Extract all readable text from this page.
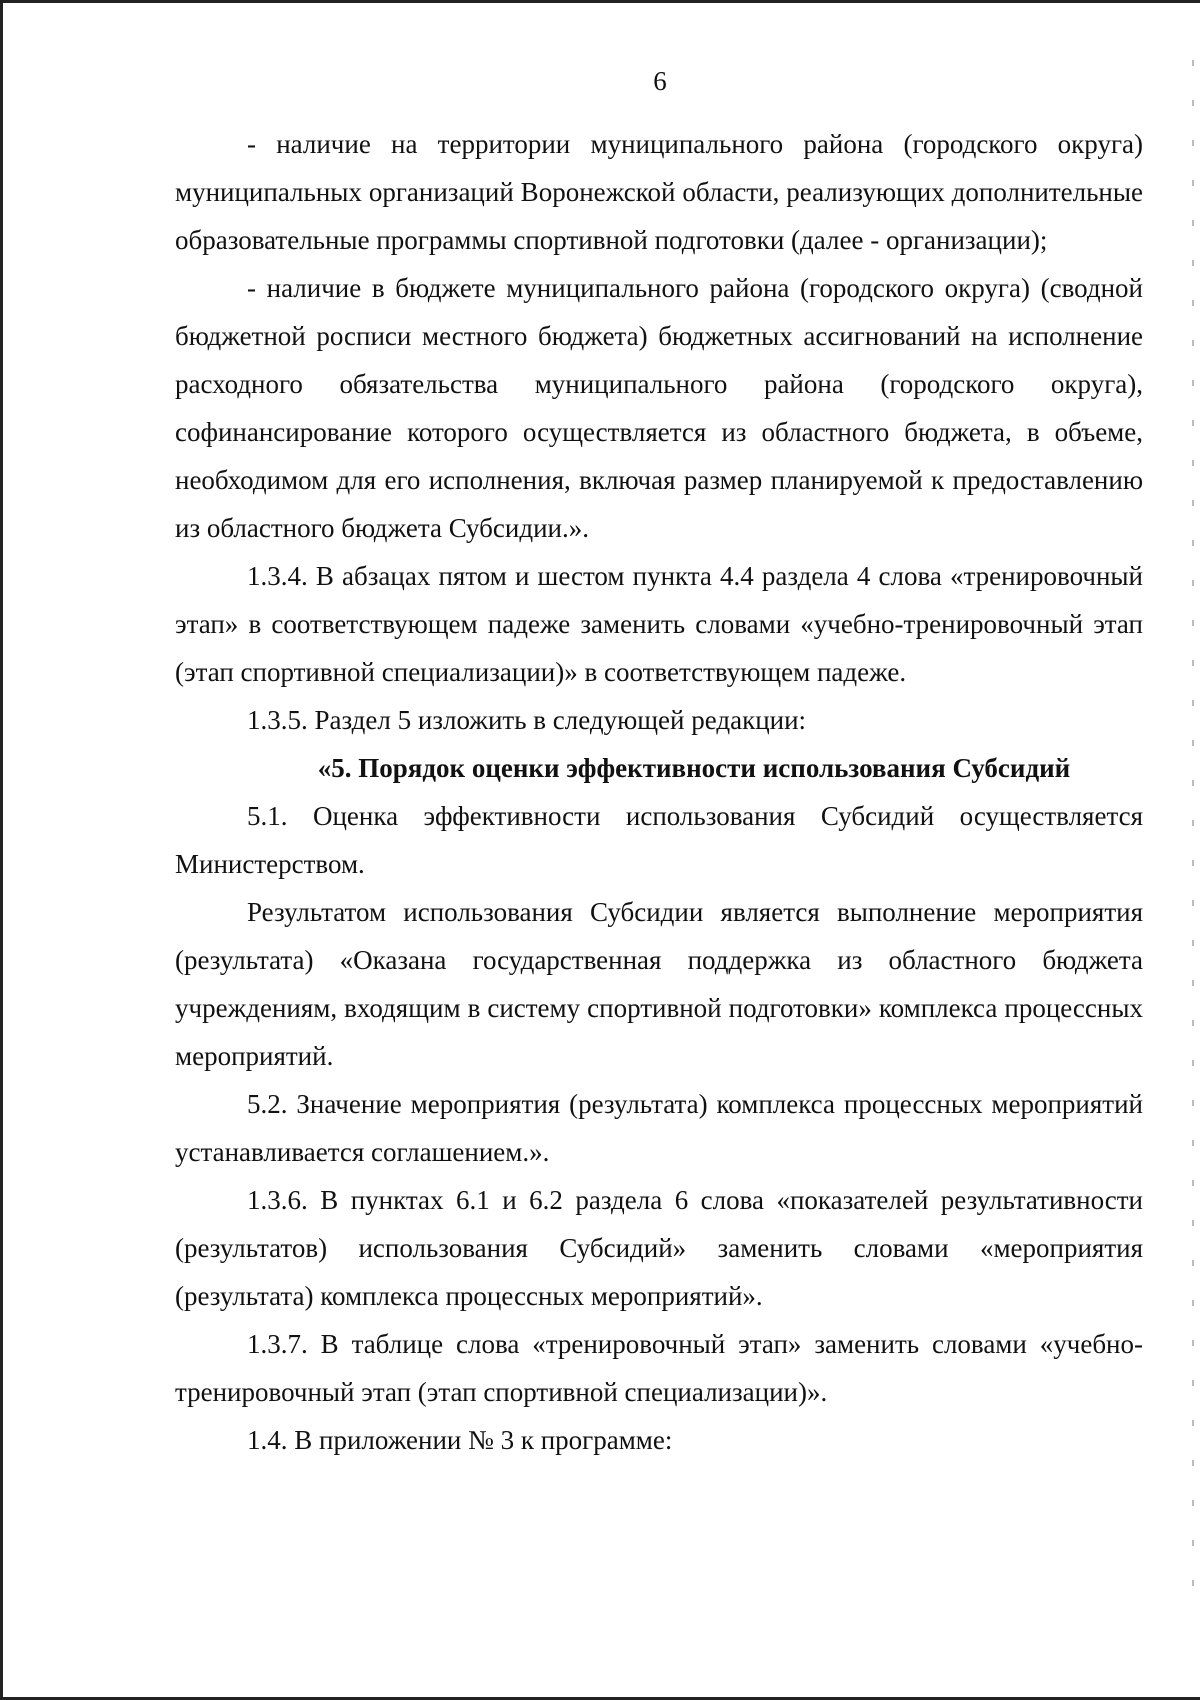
6

- наличие на территории муниципального района (городского округа) муниципальных организаций Воронежской области, реализующих дополнительные образовательные программы спортивной подготовки (далее - организации);

- наличие в бюджете муниципального района (городского округа) (сводной бюджетной росписи местного бюджета) бюджетных ассигнований на исполнение расходного обязательства муниципального района (городского округа), софинансирование которого осуществляется из областного бюджета, в объеме, необходимом для его исполнения, включая размер планируемой к предоставлению из областного бюджета Субсидии.».

1.3.4. В абзацах пятом и шестом пункта 4.4 раздела 4 слова «тренировочный этап» в соответствующем падеже заменить словами «учебно-тренировочный этап (этап спортивной специализации)» в соответствующем падеже.

1.3.5. Раздел 5 изложить в следующей редакции:

«5. Порядок оценки эффективности использования Субсидий

5.1. Оценка эффективности использования Субсидий осуществляется Министерством.

Результатом использования Субсидии является выполнение мероприятия (результата) «Оказана государственная поддержка из областного бюджета учреждениям, входящим в систему спортивной подготовки» комплекса процессных мероприятий.

5.2. Значение мероприятия (результата) комплекса процессных мероприятий устанавливается соглашением.».

1.3.6. В пунктах 6.1 и 6.2 раздела 6 слова «показателей результативности (результатов) использования Субсидий» заменить словами «мероприятия (результата) комплекса процессных мероприятий».

1.3.7. В таблице слова «тренировочный этап» заменить словами «учебно-тренировочный этап (этап спортивной специализации)».

1.4. В приложении № 3 к программе:
